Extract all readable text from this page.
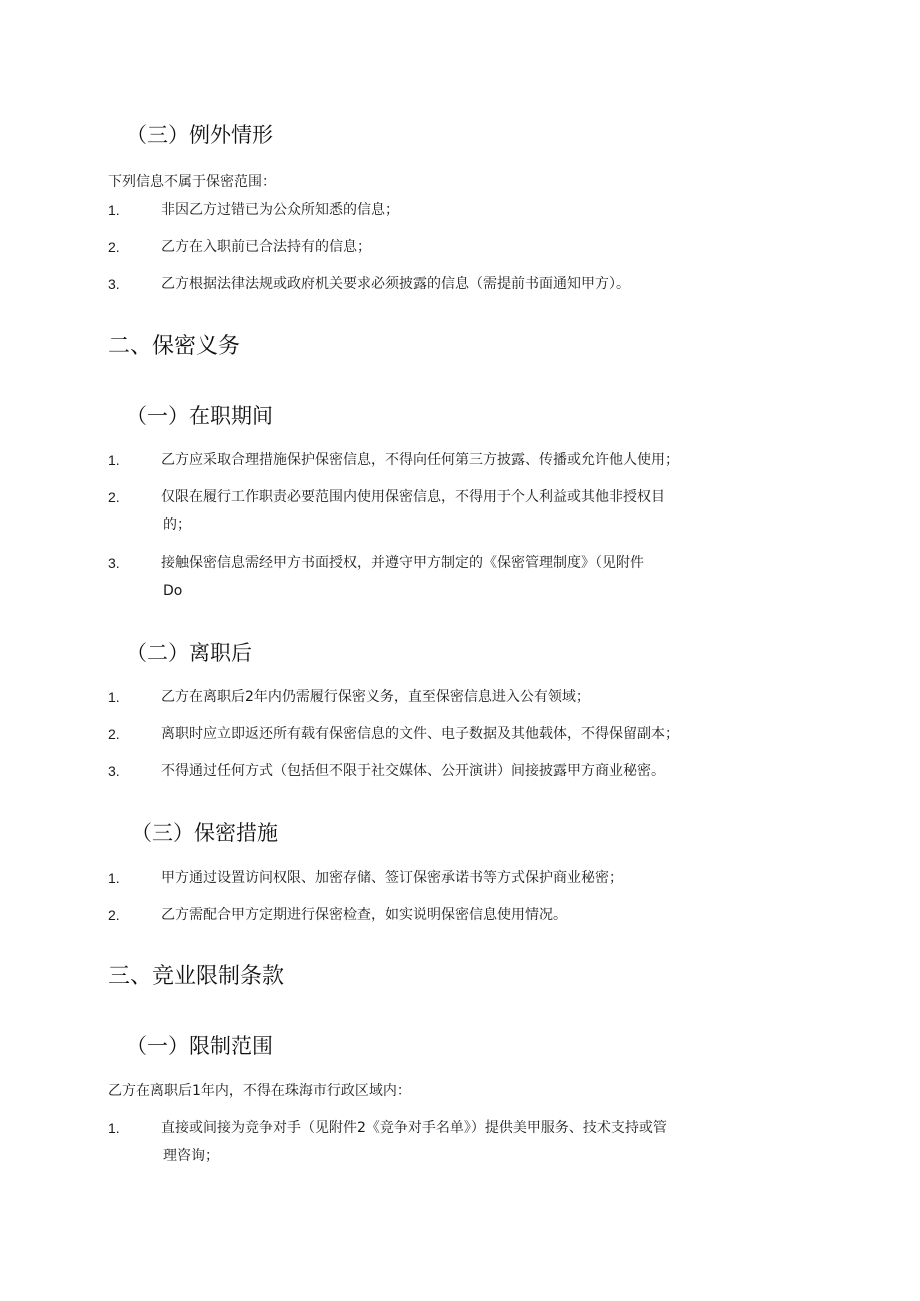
（三）例外情形
下列信息不属于保密范围：
1.	非因乙方过错已为公众所知悉的信息；
2.	乙方在入职前已合法持有的信息；
3.	乙方根据法律法规或政府机关要求必须披露的信息（需提前书面通知甲方）。
二、保密义务
（一）在职期间
1.	乙方应采取合理措施保护保密信息，不得向任何第三方披露、传播或允许他人使用；
2.	仅限在履行工作职责必要范围内使用保密信息，不得用于个人利益或其他非授权目
的；
3.	接触保密信息需经甲方书面授权，并遵守甲方制定的《保密管理制度》（见附件
Do
（二）离职后
1.	乙方在离职后2年内仍需履行保密义务，直至保密信息进入公有领域；
2.	离职时应立即返还所有载有保密信息的文件、电子数据及其他载体，不得保留副本；
3.	不得通过任何方式（包括但不限于社交媒体、公开演讲）间接披露甲方商业秘密。
（三）保密措施
1.	甲方通过设置访问权限、加密存储、签订保密承诺书等方式保护商业秘密；
2.	乙方需配合甲方定期进行保密检查，如实说明保密信息使用情况。
三、竞业限制条款
（一）限制范围
乙方在离职后1年内，不得在珠海市行政区域内：
1.	直接或间接为竞争对手（见附件2《竞争对手名单》）提供美甲服务、技术支持或管
理咨询；
